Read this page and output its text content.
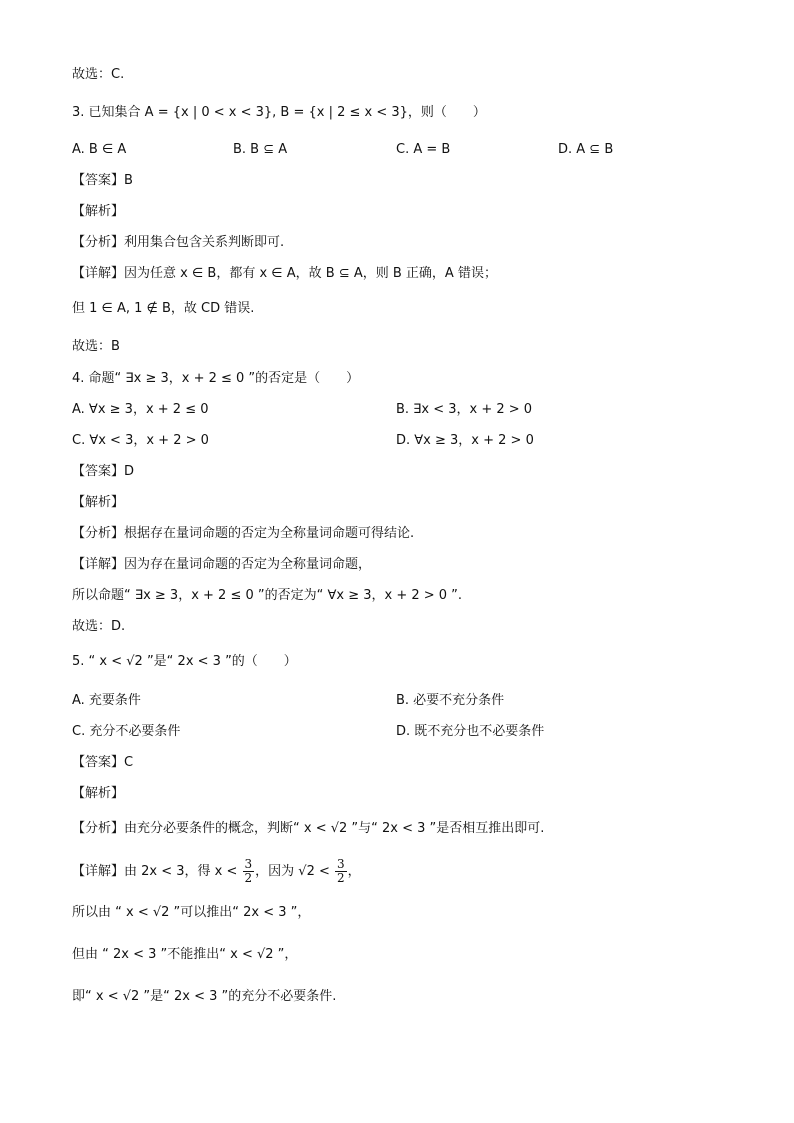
故选：C.
3. 已知集合 A = {x | 0 < x < 3}, B = {x | 2 ≤ x < 3}，则（　　）
A. B ∈ A	B. B ⊆ A	C. A = B	D. A ⊆ B
【答案】B
【解析】
【分析】利用集合包含关系判断即可.
【详解】因为任意 x ∈ B，都有 x ∈ A，故 B ⊆ A，则 B 正确，A 错误；
但 1 ∈ A, 1 ∉ B，故 CD 错误.
故选：B
4. 命题“ ∃x ≥ 3，x + 2 ≤ 0 ”的否定是（　　）
A. ∀x ≥ 3，x + 2 ≤ 0	B. ∃x < 3，x + 2 > 0
C. ∀x < 3，x + 2 > 0	D. ∀x ≥ 3，x + 2 > 0
【答案】D
【解析】
【分析】根据存在量词命题的否定为全称量词命题可得结论.
【详解】因为存在量词命题的否定为全称量词命题，
所以命题“ ∃x ≥ 3，x + 2 ≤ 0 ”的否定为“ ∀x ≥ 3，x + 2 > 0 ”.
故选：D.
5. “ x < √2 ”是“ 2x < 3 ”的（　　）
A. 充要条件	B. 必要不充分条件
C. 充分不必要条件	D. 既不充分也不必要条件
【答案】C
【解析】
【分析】由充分必要条件的概念，判断“ x < √2 ”与“ 2x < 3 ”是否相互推出即可.
【详解】由 2x < 3，得 $x < \frac{3}{2}$ ，因为 $√2 < \frac{3}{2}$ ，
所以由 “ x < √2 ”可以推出“ 2x < 3 ”，
但由 “ 2x < 3 ”不能推出“ x < √2 ”，
即“ x < √2 ”是“ 2x < 3 ”的充分不必要条件.
